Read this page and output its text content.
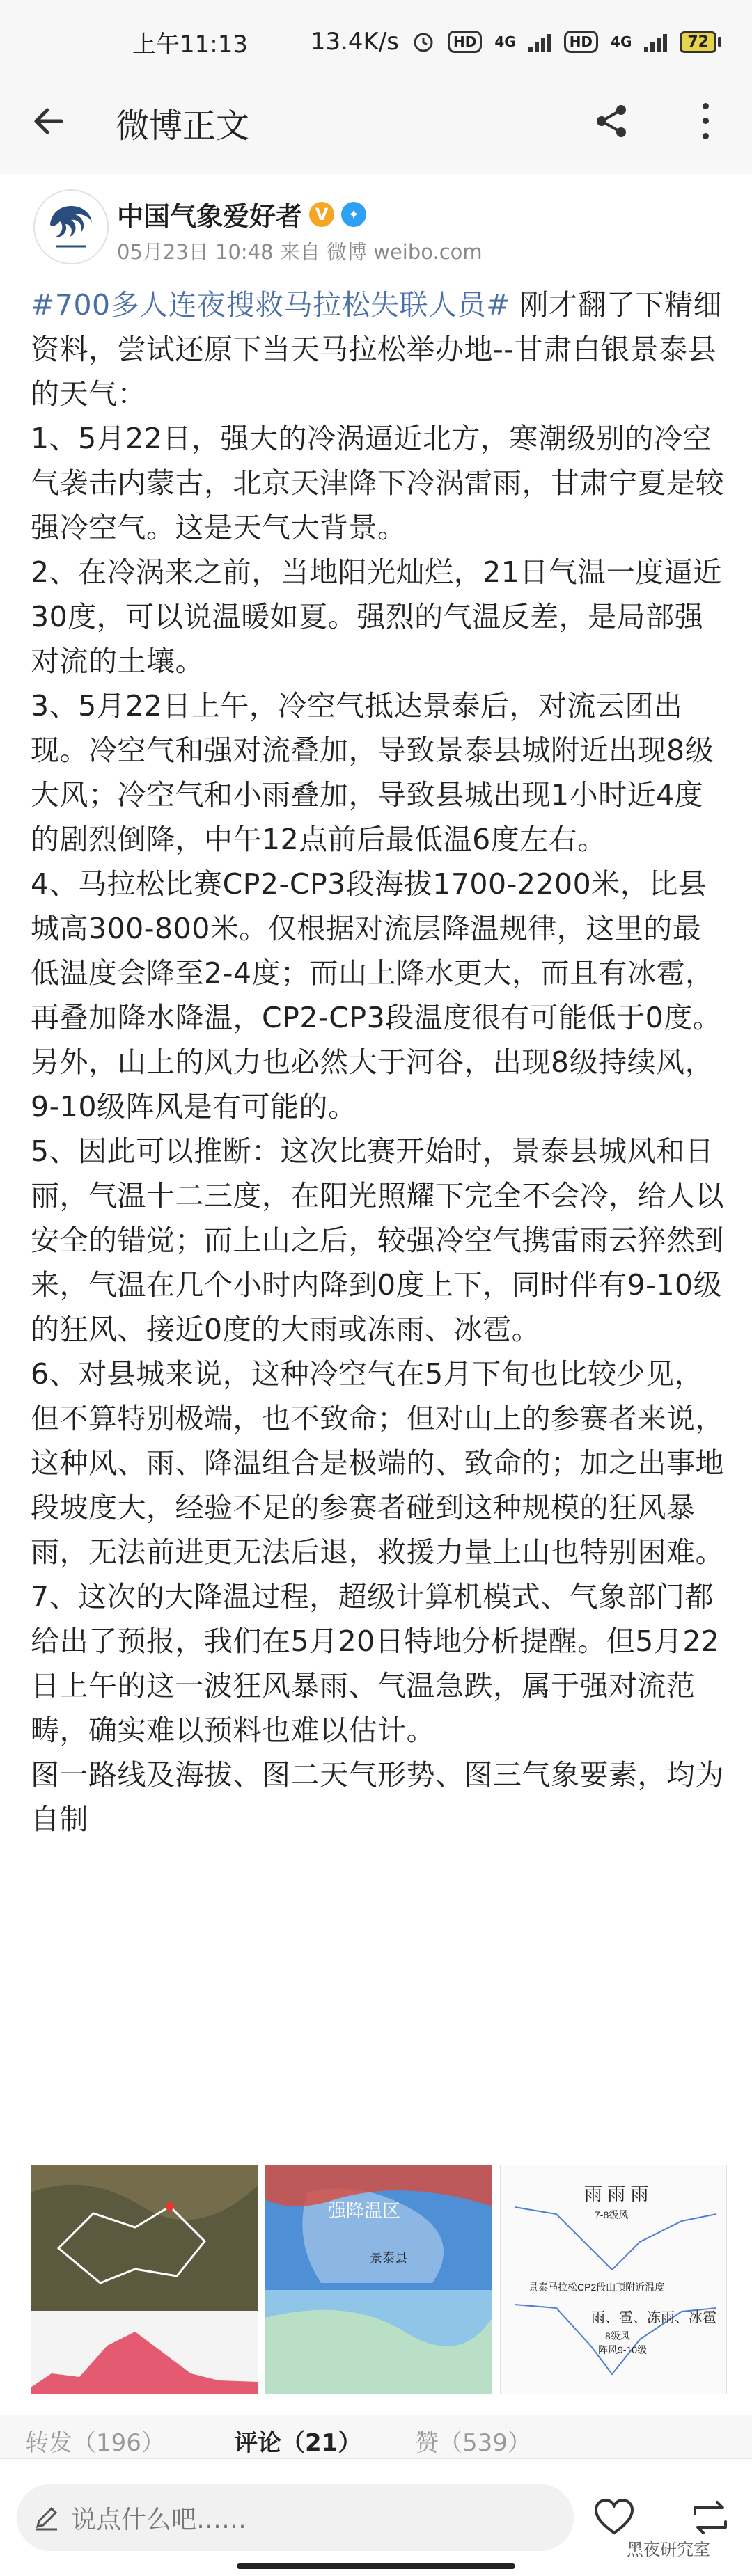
上午11:13	13.4K/s	HD	4G	HD	4G	72
微博正文
中国气象爱好者 V	✦
05月23日 10:48 来自 微博 weibo.com

#700多人连夜搜救马拉松失联人员# 刚才翻了下精细资料，尝试还原下当天马拉松举办地--甘肃白银景泰县的天气：

1、5月22日，强大的冷涡逼近北方，寒潮级别的冷空气袭击内蒙古，北京天津降下冷涡雷雨，甘肃宁夏是较强冷空气。这是天气大背景。

2、在冷涡来之前，当地阳光灿烂，21日气温一度逼近30度，可以说温暖如夏。强烈的气温反差，是局部强对流的土壤。

3、5月22日上午，冷空气抵达景泰后，对流云团出现。冷空气和强对流叠加，导致景泰县城附近出现8级大风；冷空气和小雨叠加，导致县城出现1小时近4度的剧烈倒降，中午12点前后最低温6度左右。

4、马拉松比赛CP2-CP3段海拔1700-2200米，比县城高300-800米。仅根据对流层降温规律，这里的最低温度会降至2-4度；而山上降水更大，而且有冰雹，再叠加降水降温，CP2-CP3段温度很有可能低于0度。另外，山上的风力也必然大于河谷，出现8级持续风，9-10级阵风是有可能的。

5、因此可以推断：这次比赛开始时，景泰县城风和日丽，气温十二三度，在阳光照耀下完全不会冷，给人以安全的错觉；而上山之后，较强冷空气携雷雨云猝然到来，气温在几个小时内降到0度上下，同时伴有9-10级的狂风、接近0度的大雨或冻雨、冰雹。

6、对县城来说，这种冷空气在5月下旬也比较少见，但不算特别极端，也不致命；但对山上的参赛者来说，这种风、雨、降温组合是极端的、致命的；加之出事地段坡度大，经验不足的参赛者碰到这种规模的狂风暴雨，无法前进更无法后退，救援力量上山也特别困难。

7、这次的大降温过程，超级计算机模式、气象部门都给出了预报，我们在5月20日特地分析提醒。但5月22日上午的这一波狂风暴雨、气温急跌，属于强对流范畴，确实难以预料也难以估计。

图一路线及海拔、图二天气形势、图三气象要素，均为自制

强降温区
景泰县
雨 雨 雨
7-8级风
景泰马拉松CP2段山顶附近温度
雨、雹、冻雨、冰雹
8级风
阵风9-10级
转发（196）	评论（21） 赞（539）
说点什么吧……
黑夜研究室
